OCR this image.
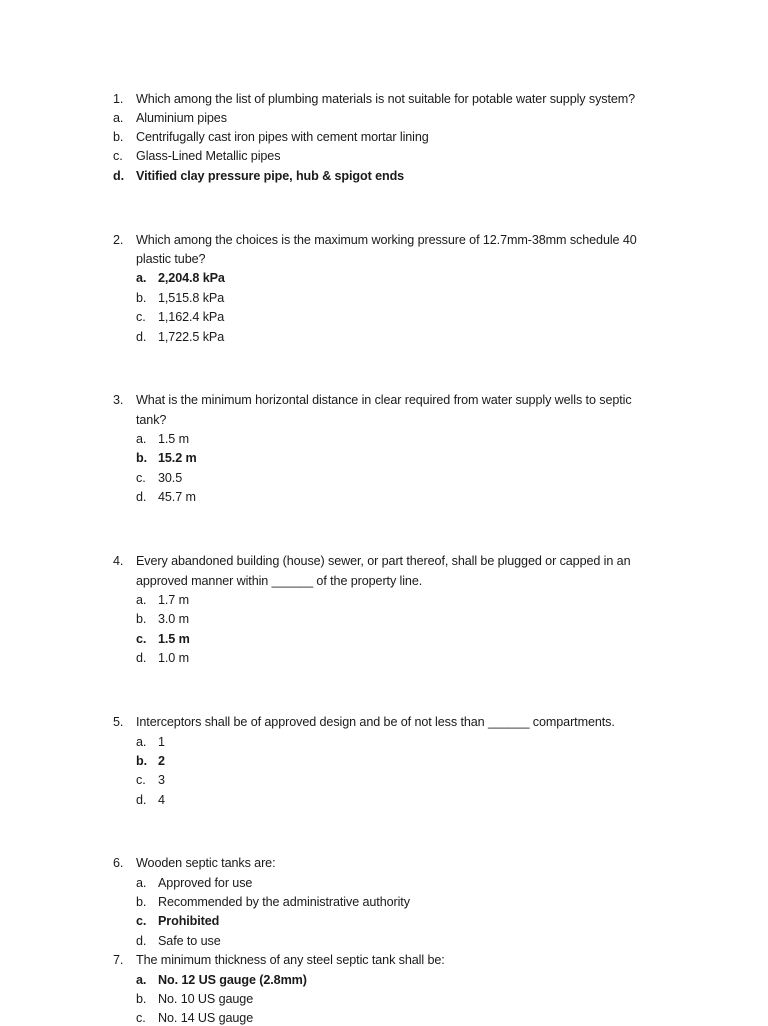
1. Which among the list of plumbing materials is not suitable for potable water supply system?
a. Aluminium pipes
b. Centrifugally cast iron pipes with cement mortar lining
c. Glass-Lined Metallic pipes
d. Vitified clay pressure pipe, hub & spigot ends
2. Which among the choices is the maximum working pressure of 12.7mm-38mm schedule 40
plastic tube?
a. 2,204.8 kPa
b. 1,515.8 kPa
c. 1,162.4 kPa
d. 1,722.5 kPa
3. What is the minimum horizontal distance in clear required from water supply wells to septic
tank?
a. 1.5 m
b. 15.2 m
c. 30.5
d. 45.7 m
4. Every abandoned building (house) sewer, or part thereof, shall be plugged or capped in an
approved manner within ______ of the property line.
a. 1.7 m
b. 3.0 m
c. 1.5 m
d. 1.0 m
5. Interceptors shall be of approved design and be of not less than ______ compartments.
a. 1
b. 2
c. 3
d. 4
6. Wooden septic tanks are:
a. Approved for use
b. Recommended by the administrative authority
c. Prohibited
d. Safe to use
7. The minimum thickness of any steel septic tank shall be:
a. No. 12 US gauge (2.8mm)
b. No. 10 US gauge
c. No. 14 US gauge
